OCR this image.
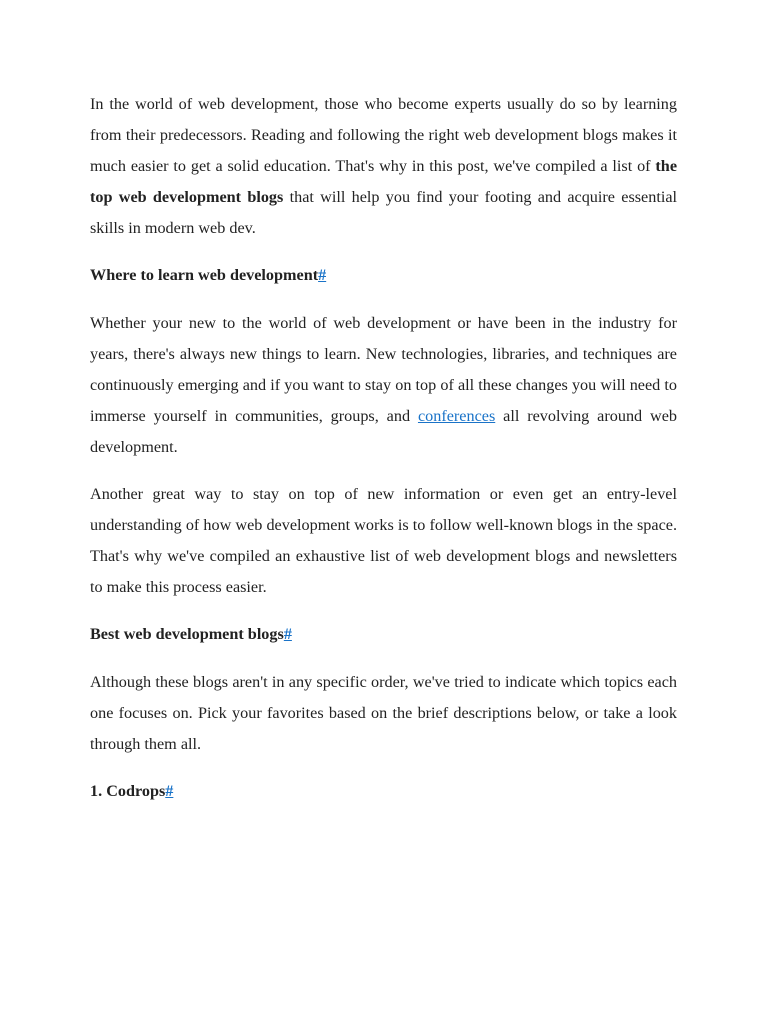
In the world of web development, those who become experts usually do so by learning from their predecessors. Reading and following the right web development blogs makes it much easier to get a solid education. That's why in this post, we've compiled a list of the top web development blogs that will help you find your footing and acquire essential skills in modern web dev.

Where to learn web development#

Whether your new to the world of web development or have been in the industry for years, there's always new things to learn. New technologies, libraries, and techniques are continuously emerging and if you want to stay on top of all these changes you will need to immerse yourself in communities, groups, and conferences all revolving around web development.

Another great way to stay on top of new information or even get an entry-level understanding of how web development works is to follow well-known blogs in the space. That's why we've compiled an exhaustive list of web development blogs and newsletters to make this process easier.

Best web development blogs#

Although these blogs aren't in any specific order, we've tried to indicate which topics each one focuses on. Pick your favorites based on the brief descriptions below, or take a look through them all.

1. Codrops#
